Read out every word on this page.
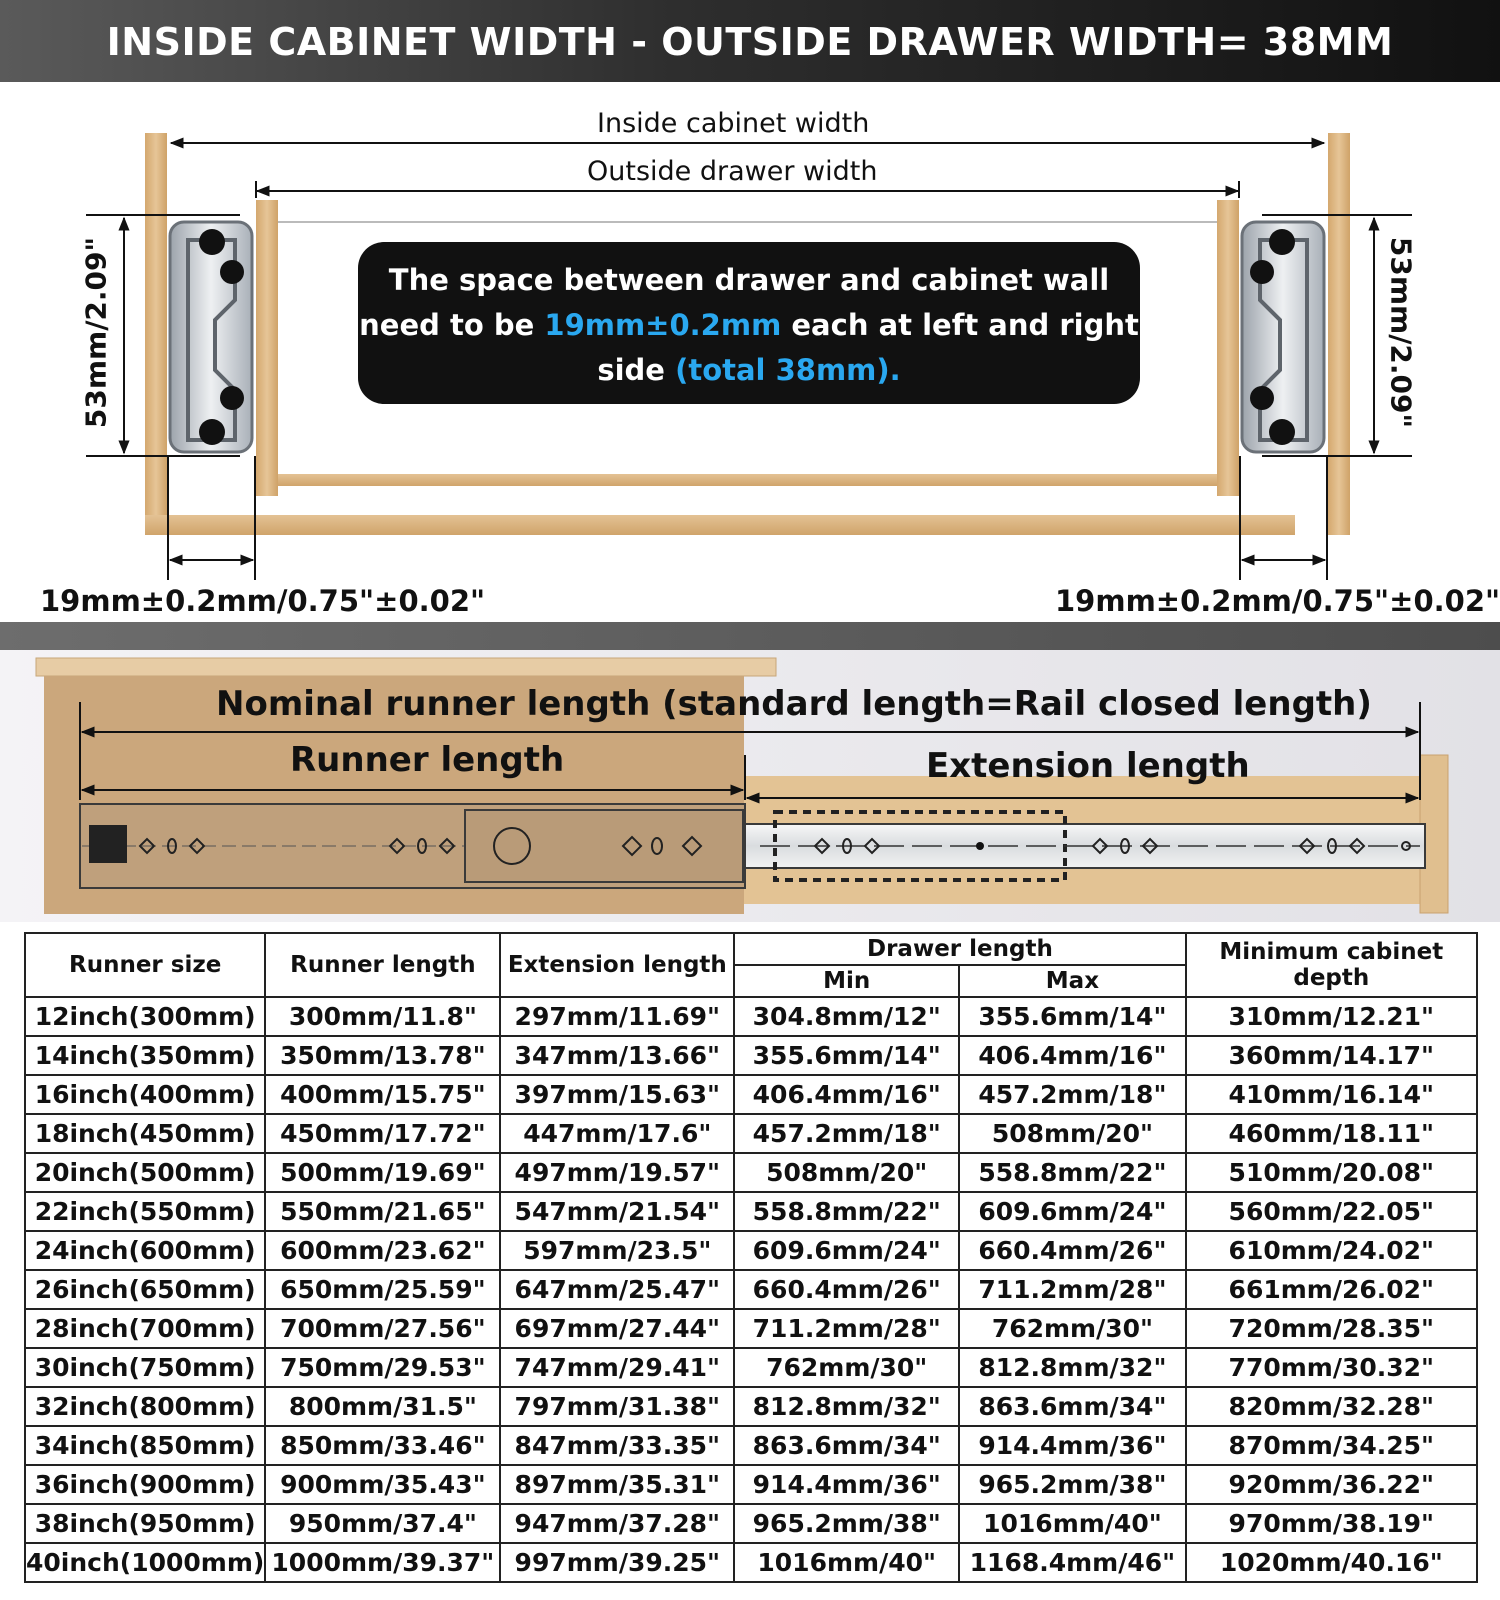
INSIDE CABINET WIDTH - OUTSIDE DRAWER WIDTH= 38MM
Inside cabinet width
Outside drawer width
53mm/2.09"	53mm/2.09"
The space between drawer and cabinet wall
need to be 19mm±0.2mm each at left and right
side (total 38mm).
19mm±0.2mm/0.75"±0.02"	19mm±0.2mm/0.75"±0.02"
Nominal runner length (standard length=Rail closed length)
Runner length	Extension length
Runner size	Runner length	Extension length	Drawer length		Minimum cabinet depth
			Min	Max	
12inch(300mm)	300mm/11.8"	297mm/11.69"	304.8mm/12"	355.6mm/14"	310mm/12.21"
14inch(350mm)	350mm/13.78"	347mm/13.66"	355.6mm/14"	406.4mm/16"	360mm/14.17"
16inch(400mm)	400mm/15.75"	397mm/15.63"	406.4mm/16"	457.2mm/18"	410mm/16.14"
18inch(450mm)	450mm/17.72"	447mm/17.6"	457.2mm/18"	508mm/20"	460mm/18.11"
20inch(500mm)	500mm/19.69"	497mm/19.57"	508mm/20"	558.8mm/22"	510mm/20.08"
22inch(550mm)	550mm/21.65"	547mm/21.54"	558.8mm/22"	609.6mm/24"	560mm/22.05"
24inch(600mm)	600mm/23.62"	597mm/23.5"	609.6mm/24"	660.4mm/26"	610mm/24.02"
26inch(650mm)	650mm/25.59"	647mm/25.47"	660.4mm/26"	711.2mm/28"	661mm/26.02"
28inch(700mm)	700mm/27.56"	697mm/27.44"	711.2mm/28"	762mm/30"	720mm/28.35"
30inch(750mm)	750mm/29.53"	747mm/29.41"	762mm/30"	812.8mm/32"	770mm/30.32"
32inch(800mm)	800mm/31.5"	797mm/31.38"	812.8mm/32"	863.6mm/34"	820mm/32.28"
34inch(850mm)	850mm/33.46"	847mm/33.35"	863.6mm/34"	914.4mm/36"	870mm/34.25"
36inch(900mm)	900mm/35.43"	897mm/35.31"	914.4mm/36"	965.2mm/38"	920mm/36.22"
38inch(950mm)	950mm/37.4"	947mm/37.28"	965.2mm/38"	1016mm/40"	970mm/38.19"
40inch(1000mm)	1000mm/39.37"	997mm/39.25"	1016mm/40"	1168.4mm/46"	1020mm/40.16"
